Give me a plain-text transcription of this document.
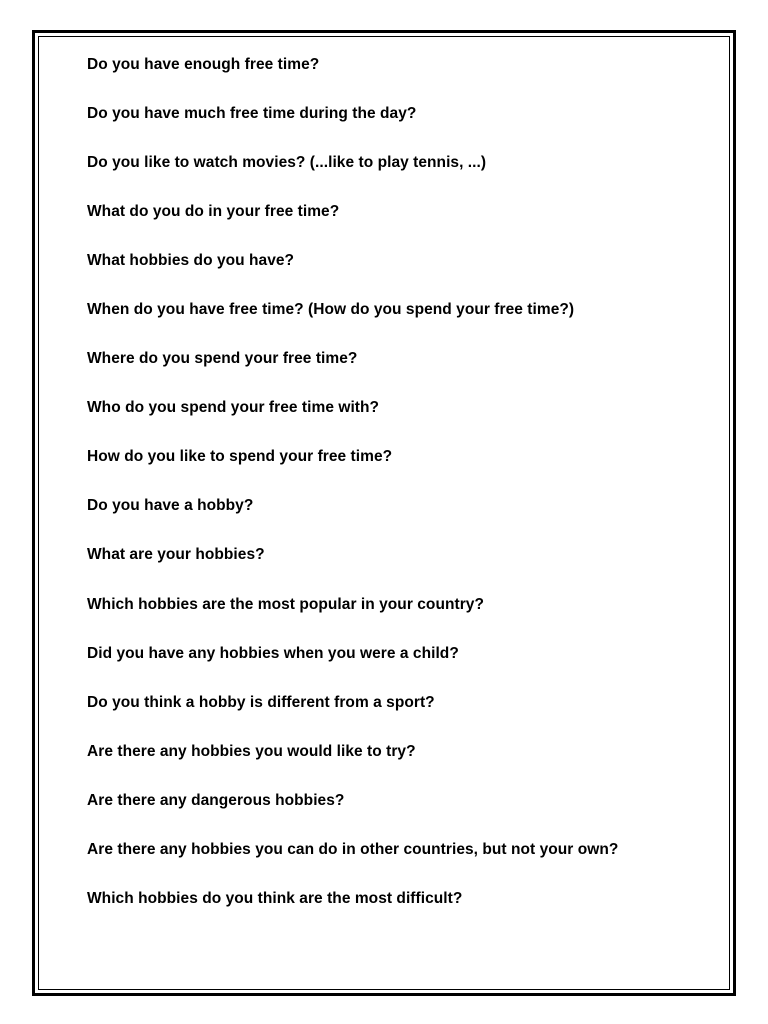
Do you have enough free time?
Do you have much free time during the day?
Do you like to watch movies? (...like to play tennis, ...)
What do you do in your free time?
What hobbies do you have?
When do you have free time? (How do you spend your free time?)
Where do you spend your free time?
Who do you spend your free time with?
How do you like to spend your free time?
Do you have a hobby?
What are your hobbies?
Which hobbies are the most popular in your country?
Did you have any hobbies when you were a child?
Do you think a hobby is different from a sport?
Are there any hobbies you would like to try?
Are there any dangerous hobbies?
Are there any hobbies you can do in other countries, but not your own?
Which hobbies do you think are the most difficult?
